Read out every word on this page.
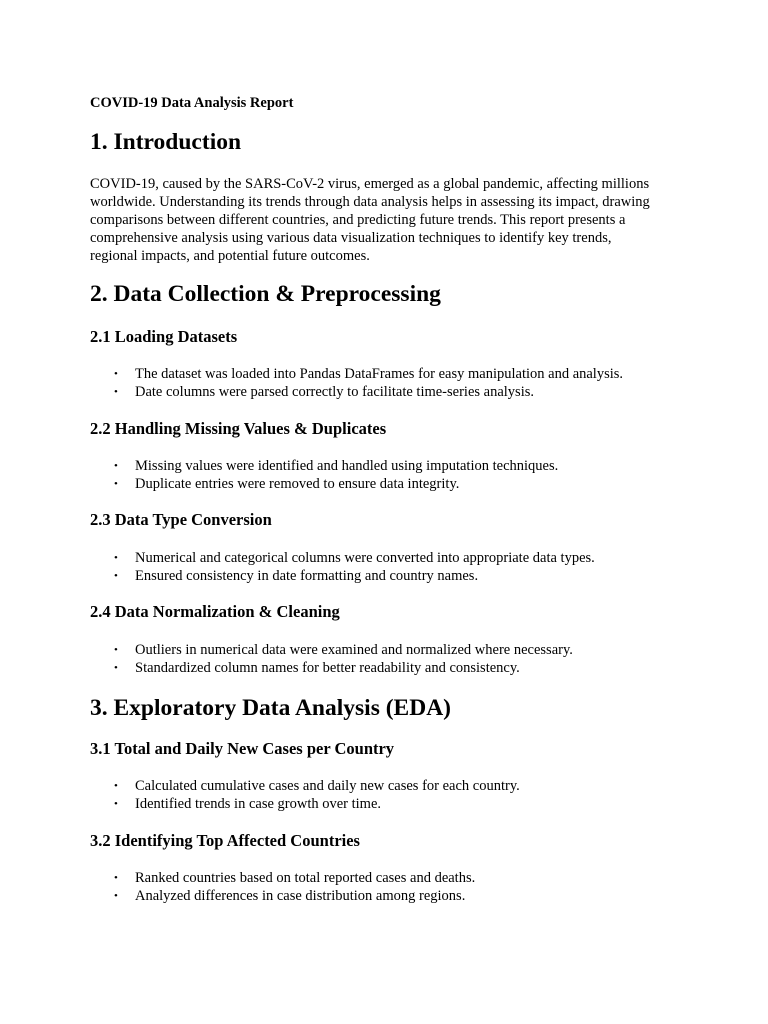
COVID-19 Data Analysis Report

1. Introduction
COVID-19, caused by the SARS-CoV-2 virus, emerged as a global pandemic, affecting millions
worldwide. Understanding its trends through data analysis helps in assessing its impact, drawing
comparisons between different countries, and predicting future trends. This report presents a
comprehensive analysis using various data visualization techniques to identify key trends,
regional impacts, and potential future outcomes.
2. Data Collection & Preprocessing
2.1 Loading Datasets
• The dataset was loaded into Pandas DataFrames for easy manipulation and analysis.
• Date columns were parsed correctly to facilitate time-series analysis.
2.2 Handling Missing Values & Duplicates
• Missing values were identified and handled using imputation techniques.
• Duplicate entries were removed to ensure data integrity.
2.3 Data Type Conversion
• Numerical and categorical columns were converted into appropriate data types.
• Ensured consistency in date formatting and country names.
2.4 Data Normalization & Cleaning
• Outliers in numerical data were examined and normalized where necessary.
• Standardized column names for better readability and consistency.
3. Exploratory Data Analysis (EDA)
3.1 Total and Daily New Cases per Country
• Calculated cumulative cases and daily new cases for each country.
• Identified trends in case growth over time.
3.2 Identifying Top Affected Countries
• Ranked countries based on total reported cases and deaths.
• Analyzed differences in case distribution among regions.
